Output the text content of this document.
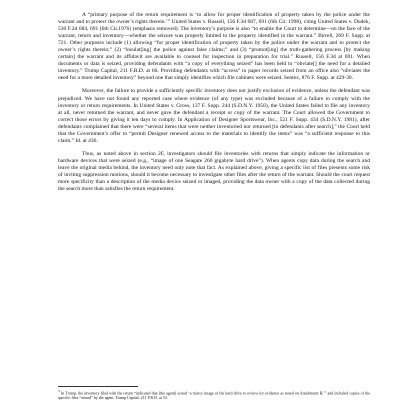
A “primary purpose of the return requirement is ‘to allow for proper identification of property taken by the police under the warrant and to protect the owner’s rights therein.’” United States v. Russell, 156 F.3d 687, 691 (6th Cir. 1998), citing United States v. Dudek, 530 F.2d 684, 691 (6th Cir.1976) (emphasis removed). The inventory’s purpose is also “to enable the Court to determine—on the face of the warrant, return and inventory—whether the seizure was properly limited to the property identified in the warrant.” Birrell, 269 F. Supp. at 721. Other purposes include (1) allowing “for proper identification of property taken by the police under the warrant and to protect the owner’s rights therein;” (2) “insulat[ing] the police against false claims;” and (3) “promot[ing] the truth-gathering process [by making certain] the warrant and its affidavit are available to counsel for inspection in preparation for trial.” Russell, 156 F.3d at 691. When documents or data is seized, providing defendants with “a copy of everything seized” has been held to “obviate[] the need for a detailed inventory.” Trump Capital, 211 F.R.D. at 66. Providing defendants with “access” to paper records seized from an office also “obviates the need for a more detailed inventory” beyond one that simply identifies which file cabinets were seized. Sentex, 876 F. Supp. at 429-30.

Moreover, the failure to provide a sufficiently specific inventory does not justify exclusion of evidence, unless the defendant was prejudiced. We have not found any reported case where evidence (of any type) was excluded because of a failure to comply with the inventory or return requirements. In United States v. Gross, 137 F. Supp. 244 (S.D.N.Y. 1956), the United States failed to file any inventory at all, never returned the warrant, and never gave the defendant a receipt or copy of the warrant. The Court allowed the Government to correct those errors by giving it ten days to comply. In Application of Designer Sportswear, Inc., 521 F. Supp. 434 (S.D.N.Y. 1981), after defendants complained that there were “several items that were neither inventoried nor returned [to defendants after search],” the Court held that the Government’s offer to “permit Designer renewed access to the materials to identify the items” was “a sufficient response to this claim.” Id. at 436.

Thus, as noted above in section 2F, investigators should file inventories with returns that simply indicate the information or hardware devices that were seized (e.g., “image of one Seagate 260 gigabyte hard drive”). When agents copy data during the search and leave the original media behind, the inventory need only note that fact. As explained above, giving a specific list of files presents some risk of inviting suppression motions, should it become necessary to investigate other files after the return of the warrant. Should the court request more specificity than a description of the media device seized or imaged, providing the data owner with a copy of the data collected during the search more than satisfies the return requirement.

3 In Trump, the inventory filed with the return “indicated that [the agent] seized ‘a mirror image of the hard drive to review for evidence as noted on Attachment B,’” and included copies of the specific files “seized” by the agent. Trump Capital, 211 F.R.D. at 53.
